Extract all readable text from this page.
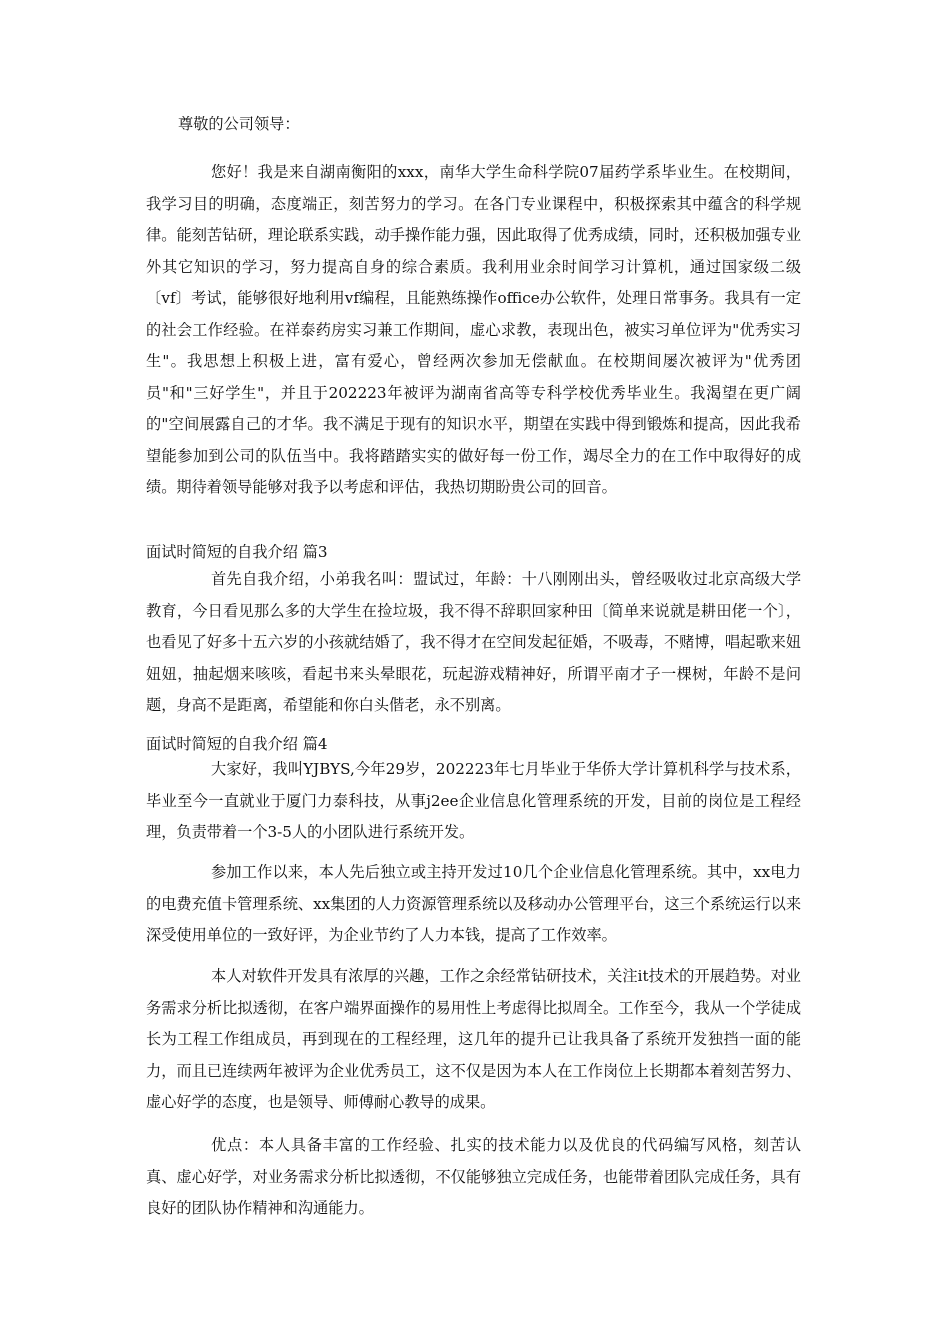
尊敬的公司领导：

您好！我是来自湖南衡阳的xxx，南华大学生命科学院07届药学系毕业生。在校期间，我学习目的明确，态度端正，刻苦努力的学习。在各门专业课程中，积极探索其中蕴含的科学规律。能刻苦钻研，理论联系实践，动手操作能力强，因此取得了优秀成绩，同时，还积极加强专业外其它知识的学习，努力提高自身的综合素质。我利用业余时间学习计算机，通过国家级二级〔vf〕考试，能够很好地利用vf编程，且能熟练操作office办公软件，处理日常事务。我具有一定的社会工作经验。在祥泰药房实习兼工作期间，虚心求教，表现出色，被实习单位评为"优秀实习生"。我思想上积极上进，富有爱心，曾经两次参加无偿献血。在校期间屡次被评为"优秀团员"和"三好学生"，并且于202223年被评为湖南省高等专科学校优秀毕业生。我渴望在更广阔的"空间展露自己的才华。我不满足于现有的知识水平，期望在实践中得到锻炼和提高，因此我希望能参加到公司的队伍当中。我将踏踏实实的做好每一份工作，竭尽全力的在工作中取得好的成绩。期待着领导能够对我予以考虑和评估，我热切期盼贵公司的回音。

面试时简短的自我介绍 篇3

首先自我介绍，小弟我名叫：盟试过，年龄：十八刚刚出头，曾经吸收过北京高级大学教育，今日看见那么多的大学生在捡垃圾，我不得不辞职回家种田〔简单来说就是耕田佬一个〕，也看见了好多十五六岁的小孩就结婚了，我不得才在空间发起征婚，不吸毒，不赌博，唱起歌来妞妞妞，抽起烟来咳咳，看起书来头晕眼花，玩起游戏精神好，所谓平南才子一棵树，年龄不是问题，身高不是距离，希望能和你白头偕老，永不别离。

面试时简短的自我介绍 篇4

大家好，我叫YJBYS,今年29岁，202223年七月毕业于华侨大学计算机科学与技术系，毕业至今一直就业于厦门力泰科技，从事j2ee企业信息化管理系统的开发，目前的岗位是工程经理，负责带着一个3-5人的小团队进行系统开发。

参加工作以来，本人先后独立或主持开发过10几个企业信息化管理系统。其中，xx电力的电费充值卡管理系统、xx集团的人力资源管理系统以及移动办公管理平台，这三个系统运行以来深受使用单位的一致好评，为企业节约了人力本钱，提高了工作效率。

本人对软件开发具有浓厚的兴趣，工作之余经常钻研技术，关注it技术的开展趋势。对业务需求分析比拟透彻，在客户端界面操作的易用性上考虑得比拟周全。工作至今，我从一个学徒成长为工程工作组成员，再到现在的工程经理，这几年的提升已让我具备了系统开发独挡一面的能力，而且已连续两年被评为企业优秀员工，这不仅是因为本人在工作岗位上长期都本着刻苦努力、虚心好学的态度，也是领导、师傅耐心教导的成果。

优点：本人具备丰富的工作经验、扎实的技术能力以及优良的代码编写风格，刻苦认真、虚心好学，对业务需求分析比拟透彻，不仅能够独立完成任务，也能带着团队完成任务，具有良好的团队协作精神和沟通能力。
